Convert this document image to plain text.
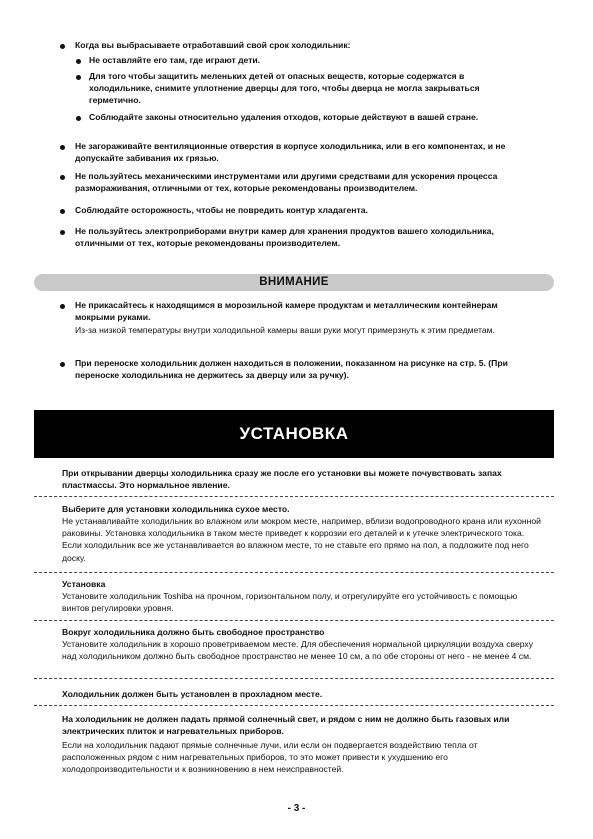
Когда вы выбрасываете отработавший свой срок холодильник:
Не оставляйте его там, где играют дети.
Для того чтобы защитить меленьких детей от опасных веществ, которые содержатся в холодильнике, снимите уплотнение дверцы для того, чтобы дверца не могла закрываться герметично.
Соблюдайте законы относительно удаления отходов, которые действуют в вашей стране.
Не загораживайте вентиляционные отверстия в корпусе холодильника, или в его компонентах, и не допускайте забивания их грязью.
Не пользуйтесь механическими инструментами или другими средствами для ускорения процесса размораживания, отличными от тех, которые рекомендованы производителем.
Соблюдайте осторожность, чтобы не повредить контур хладагента.
Не пользуйтесь электроприборами внутри камер для хранения продуктов вашего холодильника, отличными от тех, которые рекомендованы производителем.
ВНИМАНИЕ
Не прикасайтесь к находящимся в морозильной камере продуктам и металлическим контейнерам мокрыми руками.
Из-за низкой температуры внутри холодильной камеры ваши руки могут примерзнуть к этим предметам.
При переноске холодильник должен находиться в положении, показанном на рисунке на стр. 5. (При переноске холодильника не держитесь за дверцу или за ручку).
УСТАНОВКА
При открывании дверцы холодильника сразу же после его установки вы можете почувствовать запах пластмассы. Это нормальное явление.
Выберите для установки холодильника сухое место.
Не устанавливайте холодильник во влажном или мокром месте, например, вблизи водопроводного крана или кухонной раковины. Установка холодильника в таком месте приведет к коррозии его деталей и к утечке электрического тока. Если холодильник все же устанавливается во влажном месте, то не ставьте его прямо на пол, а подложите под него доску.
Установка
Установите холодильник Toshiba на прочном, горизонтальном полу, и отрегулируйте его устойчивость с помощью винтов регулировки уровня.
Вокруг холодильника должно быть свободное пространство
Установите холодильник в хорошо проветриваемом месте. Для обеспечения нормальной циркуляции воздуха сверху над холодильником должно быть свободное пространство не менее 10 см, а по обе стороны от него - не менее 4 см.
Холодильник должен быть установлен в прохладном месте.
На холодильник не должен падать прямой солнечный свет, и рядом с ним не должно быть газовых или электрических плиток и нагревательных приборов.
Если на холодильник падают прямые солнечные лучи, или если он подвергается воздействию тепла от расположенных рядом с ним нагревательных приборов, то это может привести к ухудшению его холодопроизводительности и к возникновению в нем неисправностей.
- 3 -
